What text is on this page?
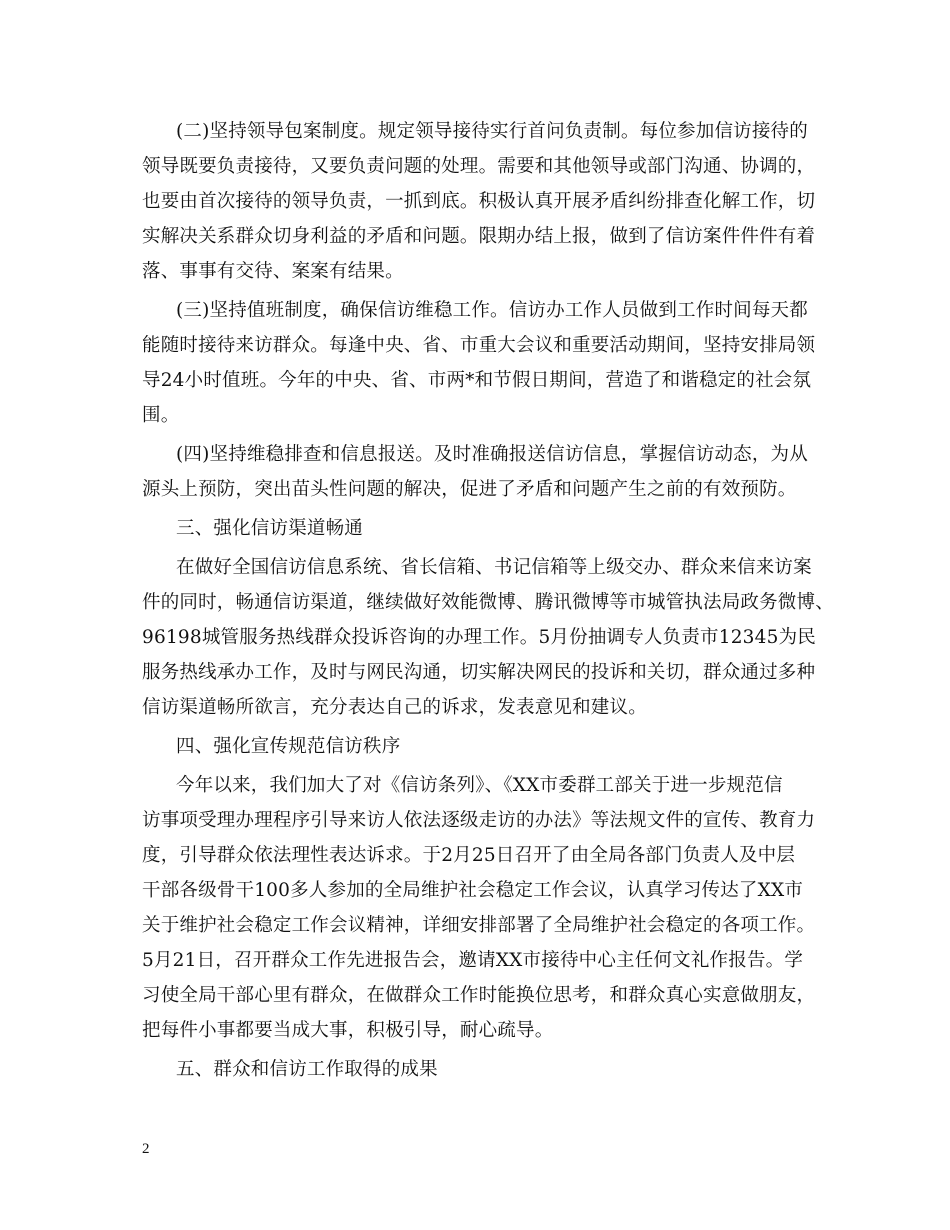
(二)坚持领导包案制度。规定领导接待实行首问负责制。每位参加信访接待的
领导既要负责接待，又要负责问题的处理。需要和其他领导或部门沟通、协调的，
也要由首次接待的领导负责，一抓到底。积极认真开展矛盾纠纷排查化解工作，切
实解决关系群众切身利益的矛盾和问题。限期办结上报，做到了信访案件件件有着
落、事事有交待、案案有结果。
(三)坚持值班制度，确保信访维稳工作。信访办工作人员做到工作时间每天都
能随时接待来访群众。每逢中央、省、市重大会议和重要活动期间，坚持安排局领
导24小时值班。今年的中央、省、市两*和节假日期间，营造了和谐稳定的社会氛
围。
(四)坚持维稳排查和信息报送。及时准确报送信访信息，掌握信访动态，为从
源头上预防，突出苗头性问题的解决，促进了矛盾和问题产生之前的有效预防。
三、强化信访渠道畅通
在做好全国信访信息系统、省长信箱、书记信箱等上级交办、群众来信来访案
件的同时，畅通信访渠道，继续做好效能微博、腾讯微博等市城管执法局政务微博、
96198城管服务热线群众投诉咨询的办理工作。5月份抽调专人负责市12345为民
服务热线承办工作，及时与网民沟通，切实解决网民的投诉和关切，群众通过多种
信访渠道畅所欲言，充分表达自己的诉求，发表意见和建议。
四、强化宣传规范信访秩序
今年以来，我们加大了对《信访条列》、《XX市委群工部关于进一步规范信
访事项受理办理程序引导来访人依法逐级走访的办法》等法规文件的宣传、教育力
度，引导群众依法理性表达诉求。于2月25日召开了由全局各部门负责人及中层
干部各级骨干100多人参加的全局维护社会稳定工作会议，认真学习传达了XX市
关于维护社会稳定工作会议精神，详细安排部署了全局维护社会稳定的各项工作。
5月21日，召开群众工作先进报告会，邀请XX市接待中心主任何文礼作报告。学
习使全局干部心里有群众，在做群众工作时能换位思考，和群众真心实意做朋友，
把每件小事都要当成大事，积极引导，耐心疏导。
五、群众和信访工作取得的成果
2
